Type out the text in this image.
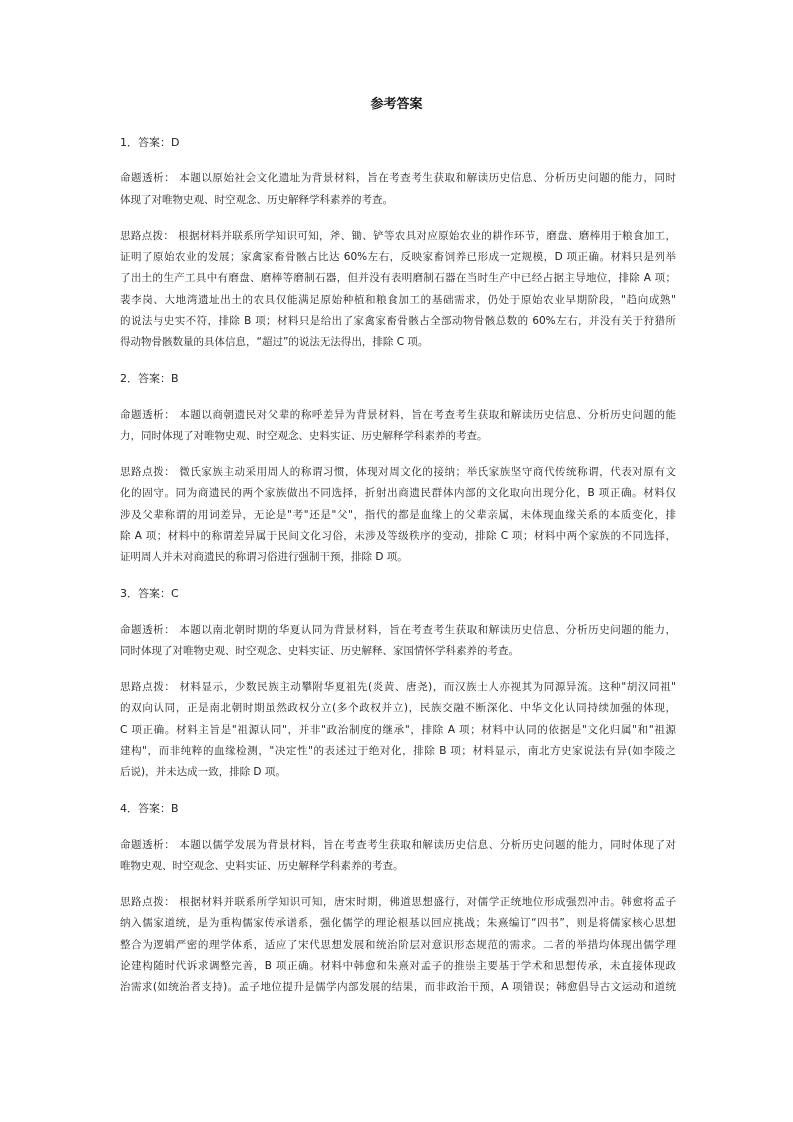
参考答案
1．答案：D
命题透析： 本题以原始社会文化遗址为背景材料，旨在考查考生获取和解读历史信息、分析历史问题的能力，同时
体现了对唯物史观、时空观念、历史解释学科素养的考查。
思路点拨： 根据材料并联系所学知识可知，斧、锄、铲等农具对应原始农业的耕作环节，磨盘、磨棒用于粮食加工，
证明了原始农业的发展；家禽家畜骨骸占比达 60%左右，反映家畜饲养已形成一定规模，D 项正确。材料只是列举
了出土的生产工具中有磨盘、磨棒等磨制石器，但并没有表明磨制石器在当时生产中已经占据主导地位，排除 A 项；
裴李岗、大地湾遗址出土的农具仅能满足原始种植和粮食加工的基础需求，仍处于原始农业早期阶段，"趋向成熟"
的说法与史实不符，排除 B 项；材料只是给出了家禽家畜骨骸占全部动物骨骸总数的 60%左右，并没有关于狩猎所
得动物骨骸数量的具体信息，“超过”的说法无法得出，排除 C 项。
2．答案：B
命题透析： 本题以商朝遗民对父辈的称呼差异为背景材料，旨在考查考生获取和解读历史信息、分析历史问题的能
力，同时体现了对唯物史观、时空观念、史料实证、历史解释学科素养的考查。
思路点拨： 微氏家族主动采用周人的称谓习惯，体现对周文化的接纳；举氏家族坚守商代传统称谓，代表对原有文
化的固守。同为商遗民的两个家族做出不同选择，折射出商遗民群体内部的文化取向出现分化，B 项正确。材料仅
涉及父辈称谓的用词差异，无论是"考"还是"父"，指代的都是血缘上的父辈亲属，未体现血缘关系的本质变化，排
除 A 项；材料中的称谓差异属于民间文化习俗，未涉及等级秩序的变动，排除 C 项；材料中两个家族的不同选择，
证明周人并未对商遗民的称谓习俗进行强制干预，排除 D 项。
3．答案：C
命题透析： 本题以南北朝时期的华夏认同为背景材料，旨在考查考生获取和解读历史信息、分析历史问题的能力，
同时体现了对唯物史观、时空观念、史料实证、历史解释、家国情怀学科素养的考查。
思路点拨： 材料显示，少数民族主动攀附华夏祖先(炎黄、唐尧)，而汉族士人亦视其为同源异流。这种"胡汉同祖"
的双向认同，正是南北朝时期虽然政权分立(多个政权并立)，民族交融不断深化、中华文化认同持续加强的体现，
C 项正确。材料主旨是"祖源认同"，并非"政治制度的继承"，排除 A 项；材料中认同的依据是"文化归属"和"祖源
建构"，而非纯粹的血缘检测，"决定性"的表述过于绝对化，排除 B 项；材料显示，南北方史家说法有异(如李陵之
后说)，并未达成一致，排除 D 项。
4．答案：B
命题透析： 本题以儒学发展为背景材料，旨在考查考生获取和解读历史信息、分析历史问题的能力，同时体现了对
唯物史观、时空观念、史料实证、历史解释学科素养的考查。
思路点拨： 根据材料并联系所学知识可知，唐宋时期，佛道思想盛行，对儒学正统地位形成强烈冲击。韩愈将孟子
纳入儒家道统，是为重构儒家传承谱系，强化儒学的理论根基以回应挑战；朱熹编订“四书”，则是将儒家核心思想
整合为逻辑严密的理学体系，适应了宋代思想发展和统治阶层对意识形态规范的需求。二者的举措均体现出儒学理
论建构随时代诉求调整完善，B 项正确。材料中韩愈和朱熹对孟子的推崇主要基于学术和思想传承，未直接体现政
治需求(如统治者支持)。孟子地位提升是儒学内部发展的结果，而非政治干预，A 项错误；韩愈倡导古文运动和道统
